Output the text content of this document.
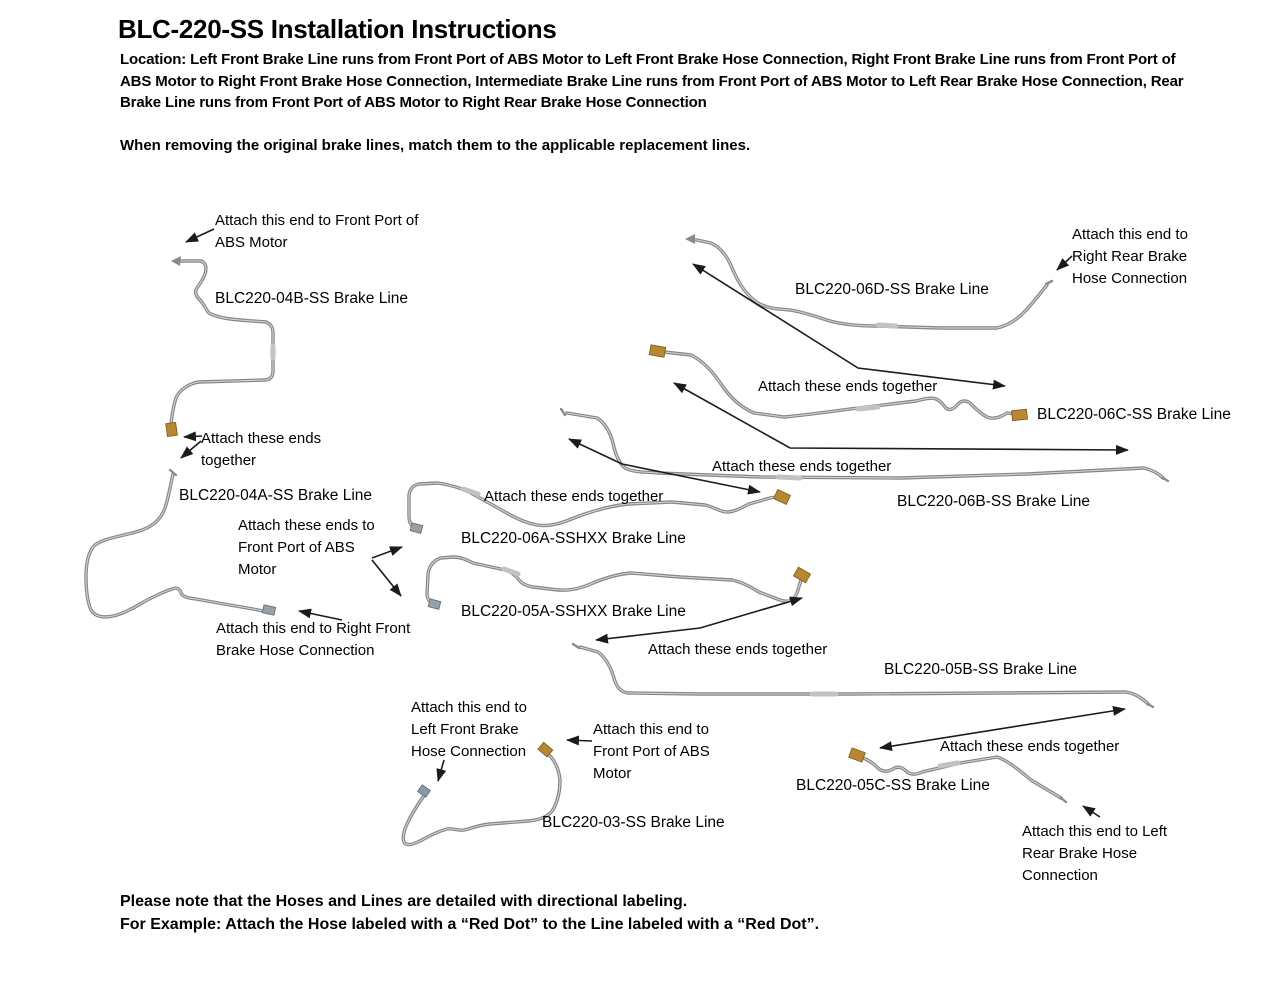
BLC-220-SS Installation Instructions
Location: Left Front Brake Line runs from Front Port of ABS Motor to Left Front Brake Hose Connection, Right Front Brake Line runs from Front Port of ABS Motor to Right Front Brake Hose Connection, Intermediate Brake Line runs from Front Port of ABS Motor to Left Rear Brake Hose Connection, Rear Brake Line runs from Front Port of ABS Motor to Right Rear Brake Hose Connection
When removing the original brake lines, match them to the applicable replacement lines.
Attach this end to Front Port of ABS Motor
BLC220-04B-SS Brake Line
Attach these ends together
BLC220-04A-SS Brake Line
Attach these ends to Front Port of ABS Motor
Attach this end to Right Front Brake Hose Connection
Attach these ends together
BLC220-06A-SSHXX Brake Line
BLC220-05A-SSHXX Brake Line
BLC220-06D-SS Brake Line
Attach this end to Right Rear Brake Hose Connection
Attach these ends together
BLC220-06C-SS Brake Line
Attach these ends together
BLC220-06B-SS Brake Line
Attach these ends together
BLC220-05B-SS Brake Line
Attach this end to Left Front Brake Hose Connection
Attach this end to Front Port of ABS Motor
BLC220-03-SS Brake Line
BLC220-05C-SS Brake Line
Attach these ends together
Attach this end to Left Rear Brake Hose Connection
Please note that the Hoses and Lines are detailed with directional labeling.
For Example: Attach the Hose labeled with a “Red Dot” to the Line labeled with a “Red Dot”.
